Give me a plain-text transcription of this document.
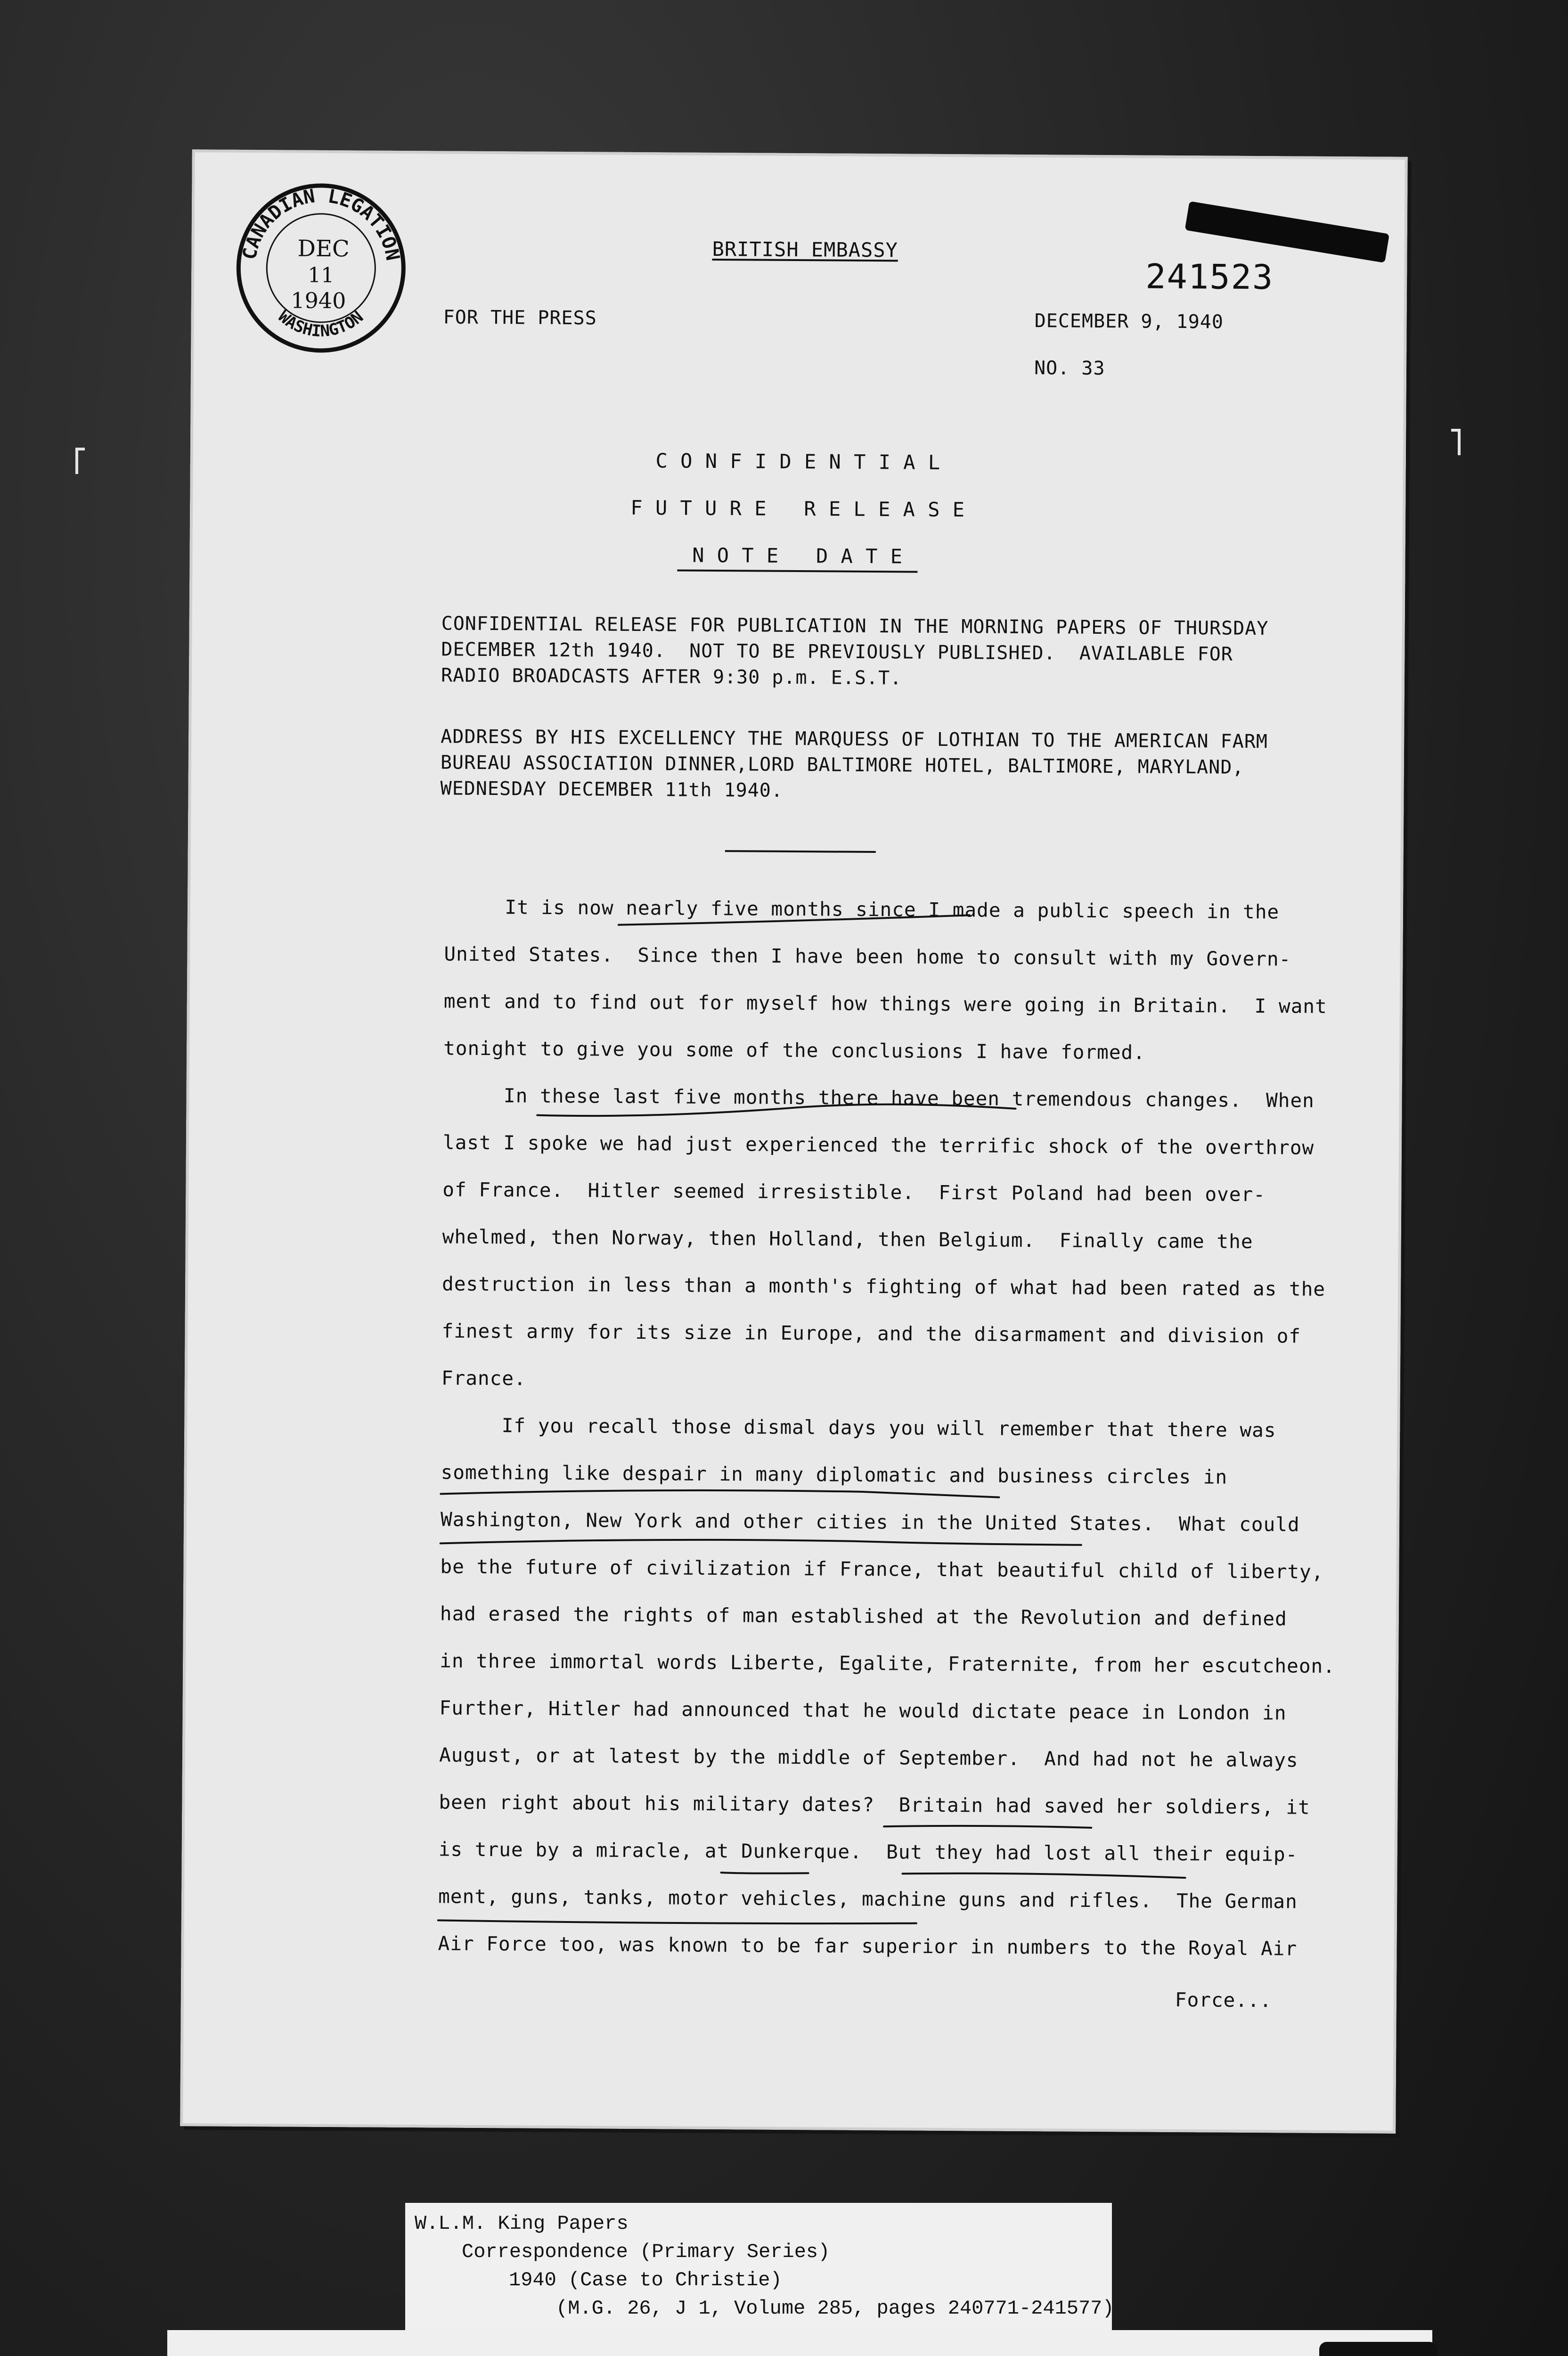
CANADIAN LEGATION
WASHINGTON
DEC
11
1940
241523
BRITISH EMBASSY
FOR THE PRESS	DECEMBER 9, 1940
NO. 33
C O N F I D E N T I A L
F U T U R E   R E L E A S E
N O T E   D A T E
CONFIDENTIAL RELEASE FOR PUBLICATION IN THE MORNING PAPERS OF THURSDAY
DECEMBER 12th 1940.  NOT TO BE PREVIOUSLY PUBLISHED.  AVAILABLE FOR
RADIO BROADCASTS AFTER 9:30 p.m. E.S.T.
ADDRESS BY HIS EXCELLENCY THE MARQUESS OF LOTHIAN TO THE AMERICAN FARM
BUREAU ASSOCIATION DINNER,LORD BALTIMORE HOTEL, BALTIMORE, MARYLAND,
WEDNESDAY DECEMBER 11th 1940.
It is now nearly five months since I made a public speech in the
United States.  Since then I have been home to consult with my Govern-
ment and to find out for myself how things were going in Britain.  I want
tonight to give you some of the conclusions I have formed.
In these last five months there have been tremendous changes.  When
last I spoke we had just experienced the terrific shock of the overthrow
of France.  Hitler seemed irresistible.  First Poland had been over-
whelmed, then Norway, then Holland, then Belgium.  Finally came the
destruction in less than a month's fighting of what had been rated as the
finest army for its size in Europe, and the disarmament and division of
France.
If you recall those dismal days you will remember that there was
something like despair in many diplomatic and business circles in
Washington, New York and other cities in the United States.  What could
be the future of civilization if France, that beautiful child of liberty,
had erased the rights of man established at the Revolution and defined
in three immortal words Liberte, Egalite, Fraternite, from her escutcheon.
Further, Hitler had announced that he would dictate peace in London in
August, or at latest by the middle of September.  And had not he always
been right about his military dates?  Britain had saved her soldiers, it
is true by a miracle, at Dunkerque.  But they had lost all their equip-
ment, guns, tanks, motor vehicles, machine guns and rifles.  The German
Air Force too, was known to be far superior in numbers to the Royal Air
Force...
W.L.M. King Papers
Correspondence (Primary Series)
1940 (Case to Christie)
(M.G. 26, J 1, Volume 285, pages 240771-241577)
